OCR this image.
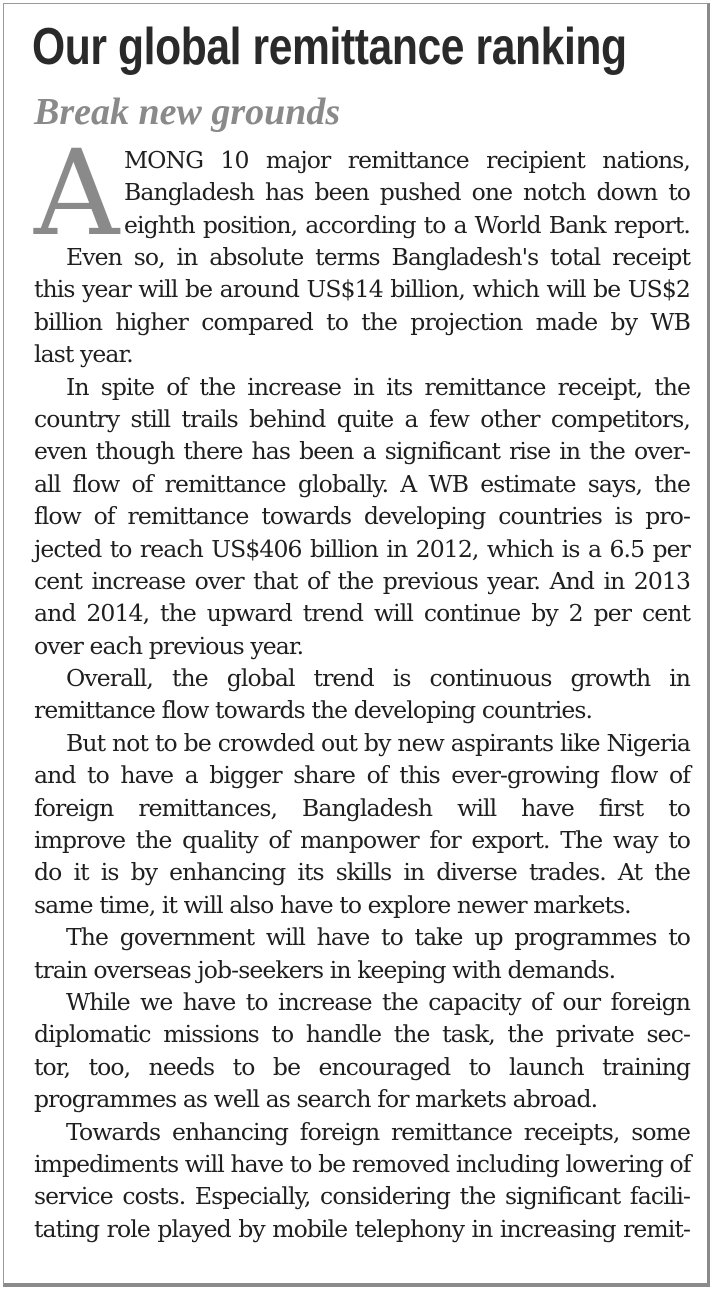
Our global remittance ranking
Break new grounds
A MONG 10 major remittance recipient nations,
Bangladesh has been pushed one notch down to
eighth position, according to a World Bank report.
Even so, in absolute terms Bangladesh's total receipt
this year will be around US$14 billion, which will be US$2
billion higher compared to the projection made by WB
last year.
In spite of the increase in its remittance receipt, the
country still trails behind quite a few other competitors,
even though there has been a significant rise in the over-
all flow of remittance globally. A WB estimate says, the
flow of remittance towards developing countries is pro-
jected to reach US$406 billion in 2012, which is a 6.5 per
cent increase over that of the previous year. And in 2013
and 2014, the upward trend will continue by 2 per cent
over each previous year.
Overall, the global trend is continuous growth in
remittance flow towards the developing countries.
But not to be crowded out by new aspirants like Nigeria
and to have a bigger share of this ever-growing flow of
foreign remittances, Bangladesh will have first to
improve the quality of manpower for export. The way to
do it is by enhancing its skills in diverse trades. At the
same time, it will also have to explore newer markets.
The government will have to take up programmes to
train overseas job-seekers in keeping with demands.
While we have to increase the capacity of our foreign
diplomatic missions to handle the task, the private sec-
tor, too, needs to be encouraged to launch training
programmes as well as search for markets abroad.
Towards enhancing foreign remittance receipts, some
impediments will have to be removed including lowering of
service costs. Especially, considering the significant facili-
tating role played by mobile telephony in increasing remit-
